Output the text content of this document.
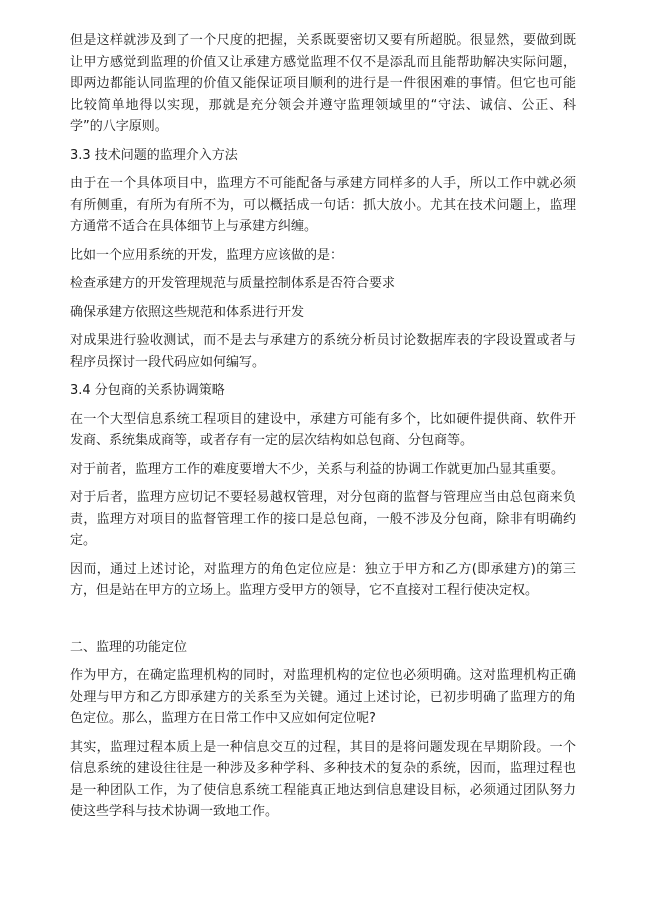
但是这样就涉及到了一个尺度的把握，关系既要密切又要有所超脱。很显然，要做到既让甲方感觉到监理的价值又让承建方感觉监理不仅不是添乱而且能帮助解决实际问题，即两边都能认同监理的价值又能保证项目顺利的进行是一件很困难的事情。但它也可能比较简单地得以实现，那就是充分领会并遵守监理领域里的“守法、诚信、公正、科学”的八字原则。

3.3 技术问题的监理介入方法

由于在一个具体项目中，监理方不可能配备与承建方同样多的人手，所以工作中就必须有所侧重，有所为有所不为，可以概括成一句话：抓大放小。尤其在技术问题上，监理方通常不适合在具体细节上与承建方纠缠。

比如一个应用系统的开发，监理方应该做的是：

检查承建方的开发管理规范与质量控制体系是否符合要求

确保承建方依照这些规范和体系进行开发

对成果进行验收测试，而不是去与承建方的系统分析员讨论数据库表的字段设置或者与程序员探讨一段代码应如何编写。

3.4 分包商的关系协调策略

在一个大型信息系统工程项目的建设中，承建方可能有多个，比如硬件提供商、软件开发商、系统集成商等，或者存有一定的层次结构如总包商、分包商等。

对于前者，监理方工作的难度要增大不少，关系与利益的协调工作就更加凸显其重要。

对于后者，监理方应切记不要轻易越权管理，对分包商的监督与管理应当由总包商来负责，监理方对项目的监督管理工作的接口是总包商，一般不涉及分包商，除非有明确约定。

因而，通过上述讨论，对监理方的角色定位应是：独立于甲方和乙方(即承建方)的第三方，但是站在甲方的立场上。监理方受甲方的领导，它不直接对工程行使决定权。

二、监理的功能定位

作为甲方，在确定监理机构的同时，对监理机构的定位也必须明确。这对监理机构正确处理与甲方和乙方即承建方的关系至为关键。通过上述讨论，已初步明确了监理方的角色定位。那么，监理方在日常工作中又应如何定位呢?

其实，监理过程本质上是一种信息交互的过程，其目的是将问题发现在早期阶段。一个信息系统的建设往往是一种涉及多种学科、多种技术的复杂的系统，因而，监理过程也是一种团队工作，为了使信息系统工程能真正地达到信息建设目标，必须通过团队努力使这些学科与技术协调一致地工作。
